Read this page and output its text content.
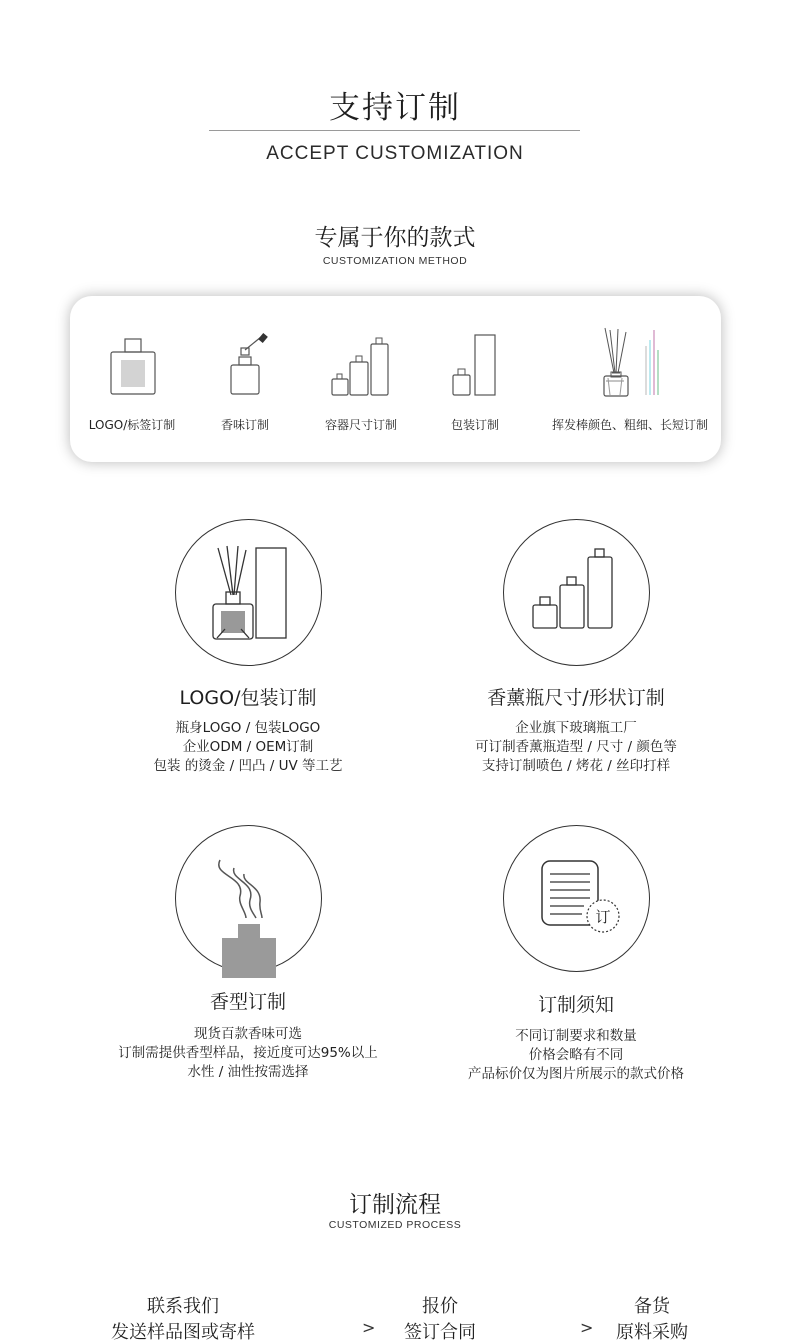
支持订制
ACCEPT CUSTOMIZATION
专属于你的款式
CUSTOMIZATION METHOD
LOGO/标签订制	香味订制	容器尺寸订制	包装订制	挥发棒颜色、粗细、长短订制
LOGO/包装订制
瓶身LOGO / 包装LOGO
企业ODM / OEM订制
包装 的烫金 / 凹凸 / UV 等工艺
香薰瓶尺寸/形状订制
企业旗下玻璃瓶工厂
可订制香薰瓶造型 / 尺寸 / 颜色等
支持订制喷色 / 烤花 / 丝印打样
香型订制
现货百款香味可选
订制需提供香型样品，接近度可达95%以上
水性 / 油性按需选择
订
订制须知
不同订制要求和数量
价格会略有不同
产品标价仅为图片所展示的款式价格
订制流程
CUSTOMIZED PROCESS
联系我们
发送样品图或寄样	>
报价
签订合同	>
备货
原料采购
